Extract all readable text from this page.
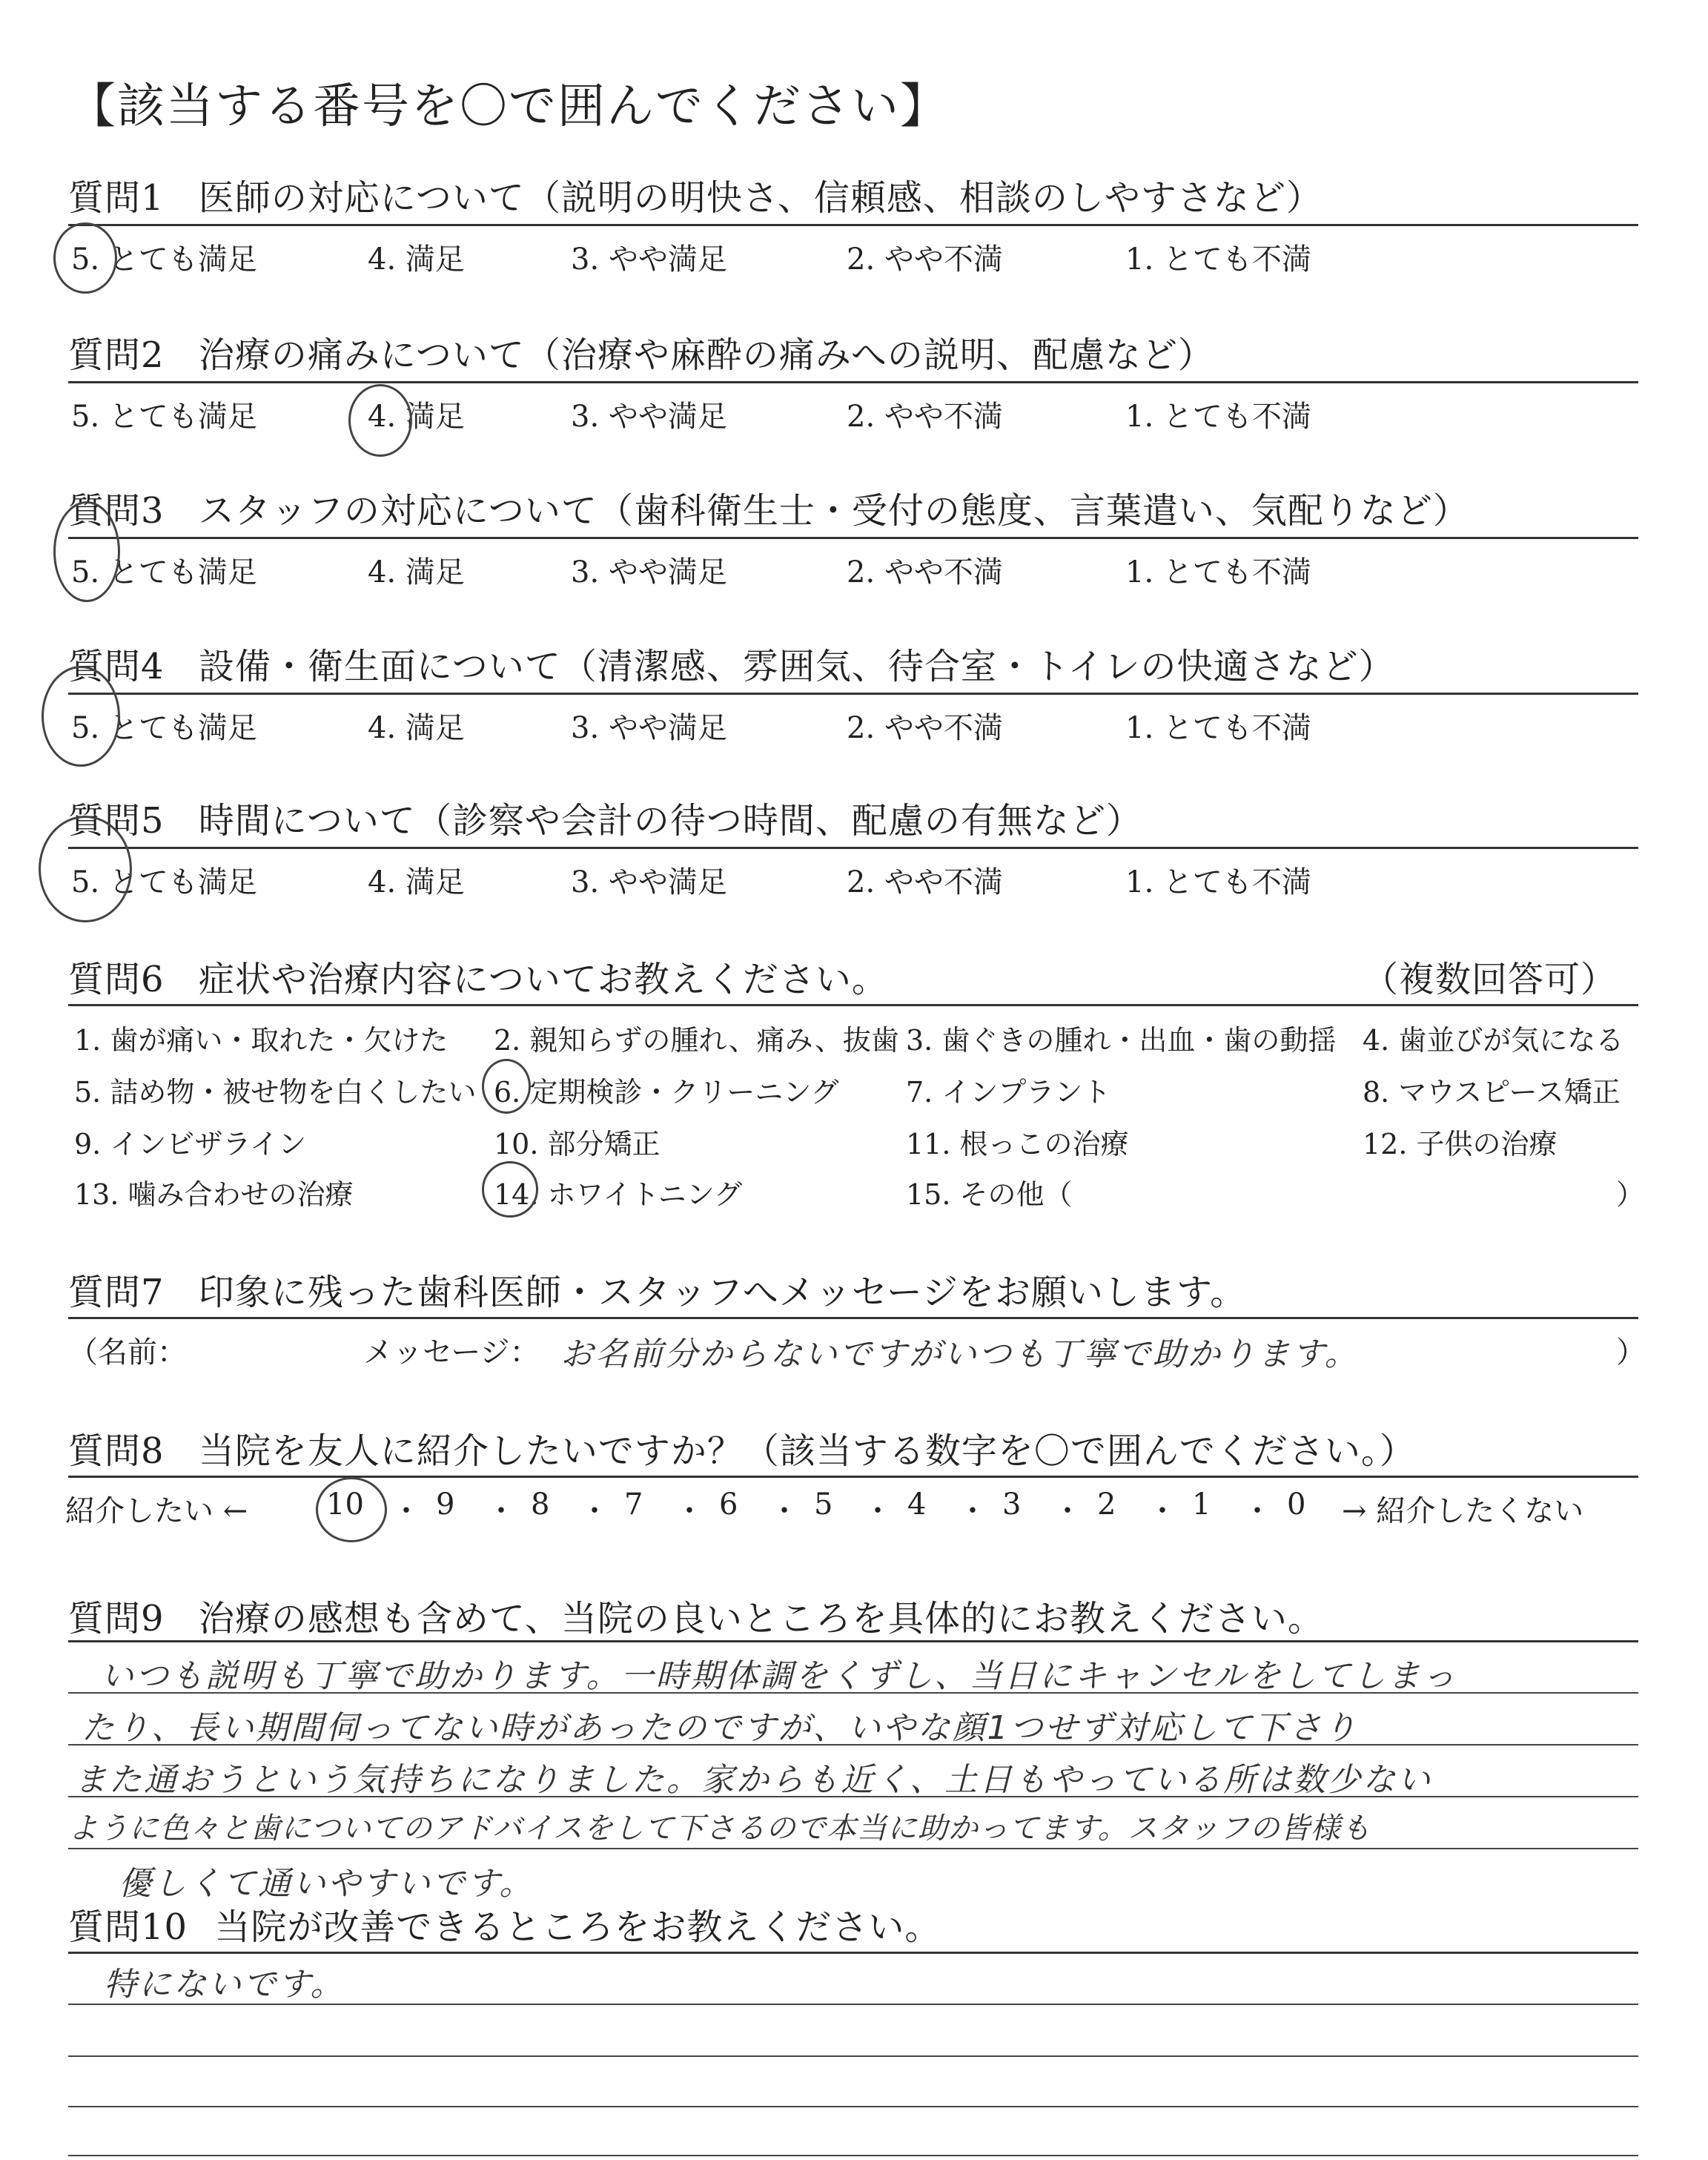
【該当する番号を〇で囲んでください】
質問1 医師の対応について（説明の明快さ、信頼感、相談のしやすさなど）
5. とても満足	4. 満足	3. やや満足	2. やや不満	1. とても不満
質問2 治療の痛みについて（治療や麻酔の痛みへの説明、配慮など）
5. とても満足	4. 満足	3. やや満足	2. やや不満	1. とても不満
質問3 スタッフの対応について（歯科衛生士・受付の態度、言葉遣い、気配りなど）
5. とても満足	4. 満足	3. やや満足	2. やや不満	1. とても不満
質問4 設備・衛生面について（清潔感、雰囲気、待合室・トイレの快適さなど）
5. とても満足	4. 満足	3. やや満足	2. やや不満	1. とても不満
質問5 時間について（診察や会計の待つ時間、配慮の有無など）
5. とても満足	4. 満足	3. やや満足	2. やや不満	1. とても不満
質問6 症状や治療内容についてお教えください。	（複数回答可）
1. 歯が痛い・取れた・欠けた 2. 親知らずの腫れ、痛み、抜歯 3. 歯ぐきの腫れ・出血・歯の動揺 4. 歯並びが気になる
5. 詰め物・被せ物を白くしたい 6. 定期検診・クリーニング 7. インプラント	8. マウスピース矯正
9. インビザライン	10. 部分矯正	11. 根っこの治療	12. 子供の治療
13. 噛み合わせの治療	14. ホワイトニング	15. その他（	）
質問7 印象に残った歯科医師・スタッフへメッセージをお願いします。
（名前：	メッセージ： お名前分からないですがいつも丁寧で助かります。	）
質問8 当院を友人に紹介したいですか？（該当する数字を〇で囲んでください。）
紹介したい ←	10 ・ 9 ・ 8 ・ 7 ・ 6 ・ 5 ・ 4 ・ 3 ・ 2 ・ 1 ・ 0 → 紹介したくない
質問9 治療の感想も含めて、当院の良いところを具体的にお教えください。
いつも説明も丁寧で助かります。一時期体調をくずし、当日にキャンセルをしてしまっ
たり、長い期間伺ってない時があったのですが、いやな顔1つせず対応して下さり
また通おうという気持ちになりました。家からも近く、土日もやっている所は数少ない
ように色々と歯についてのアドバイスをして下さるので本当に助かってます。スタッフの皆様も
優しくて通いやすいです。
質問10 当院が改善できるところをお教えください。
特にないです。
